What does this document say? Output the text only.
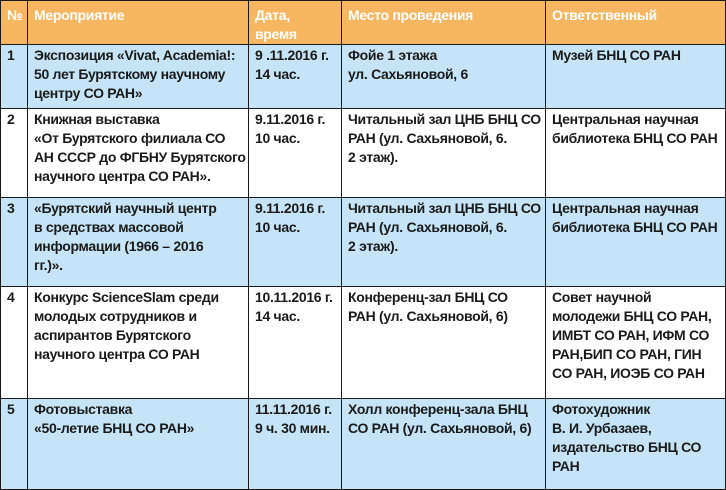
№	Мероприятие	Дата, время	Место проведения	Ответственный
1	Экспозиция «Vivat, Academia!:
50 лет Бурятскому научному
центру СО РАН»	9 .11.2016 г.
14 час.	Фойе 1 этажа
ул. Сахьяновой, 6	Музей БНЦ СО РАН

2	Книжная выставка
«От Бурятского филиала СО
АН СССР до ФГБНУ Бурятского
научного центра СО РАН».	9.11.2016 г.
10 час.	Читальный зал ЦНБ БНЦ СО
РАН (ул. Сахьяновой, 6.
2 этаж).	Центральная научная
библиотека БНЦ СО РАН

3	«Бурятский научный центр
в средствах массовой
информации (1966 – 2016
гг.)».	9.11.2016 г.
10 час.	Читальный зал ЦНБ БНЦ СО
РАН (ул. Сахьяновой, 6.
2 этаж).	Центральная научная
библиотека БНЦ СО РАН

4	Конкурс ScienceSlam среди
молодых сотрудников и
аспирантов Бурятского
научного центра СО РАН	10.11.2016 г.
14 час.	Конференц-зал БНЦ СО
РАН (ул. Сахьяновой, 6)	Совет научной
молодежи БНЦ СО РАН,
ИМБТ СО РАН, ИФМ СО
РАН,БИП СО РАН, ГИН
СО РАН, ИОЭБ СО РАН

5	Фотовыставка
«50-летие БНЦ СО РАН»	11.11.2016 г.
9 ч. 30 мин.	Холл конференц-зала БНЦ
СО РАН (ул. Сахьяновой, 6)	Фотохудожник
В. И. Урбазаев,
издательство БНЦ СО
РАН
